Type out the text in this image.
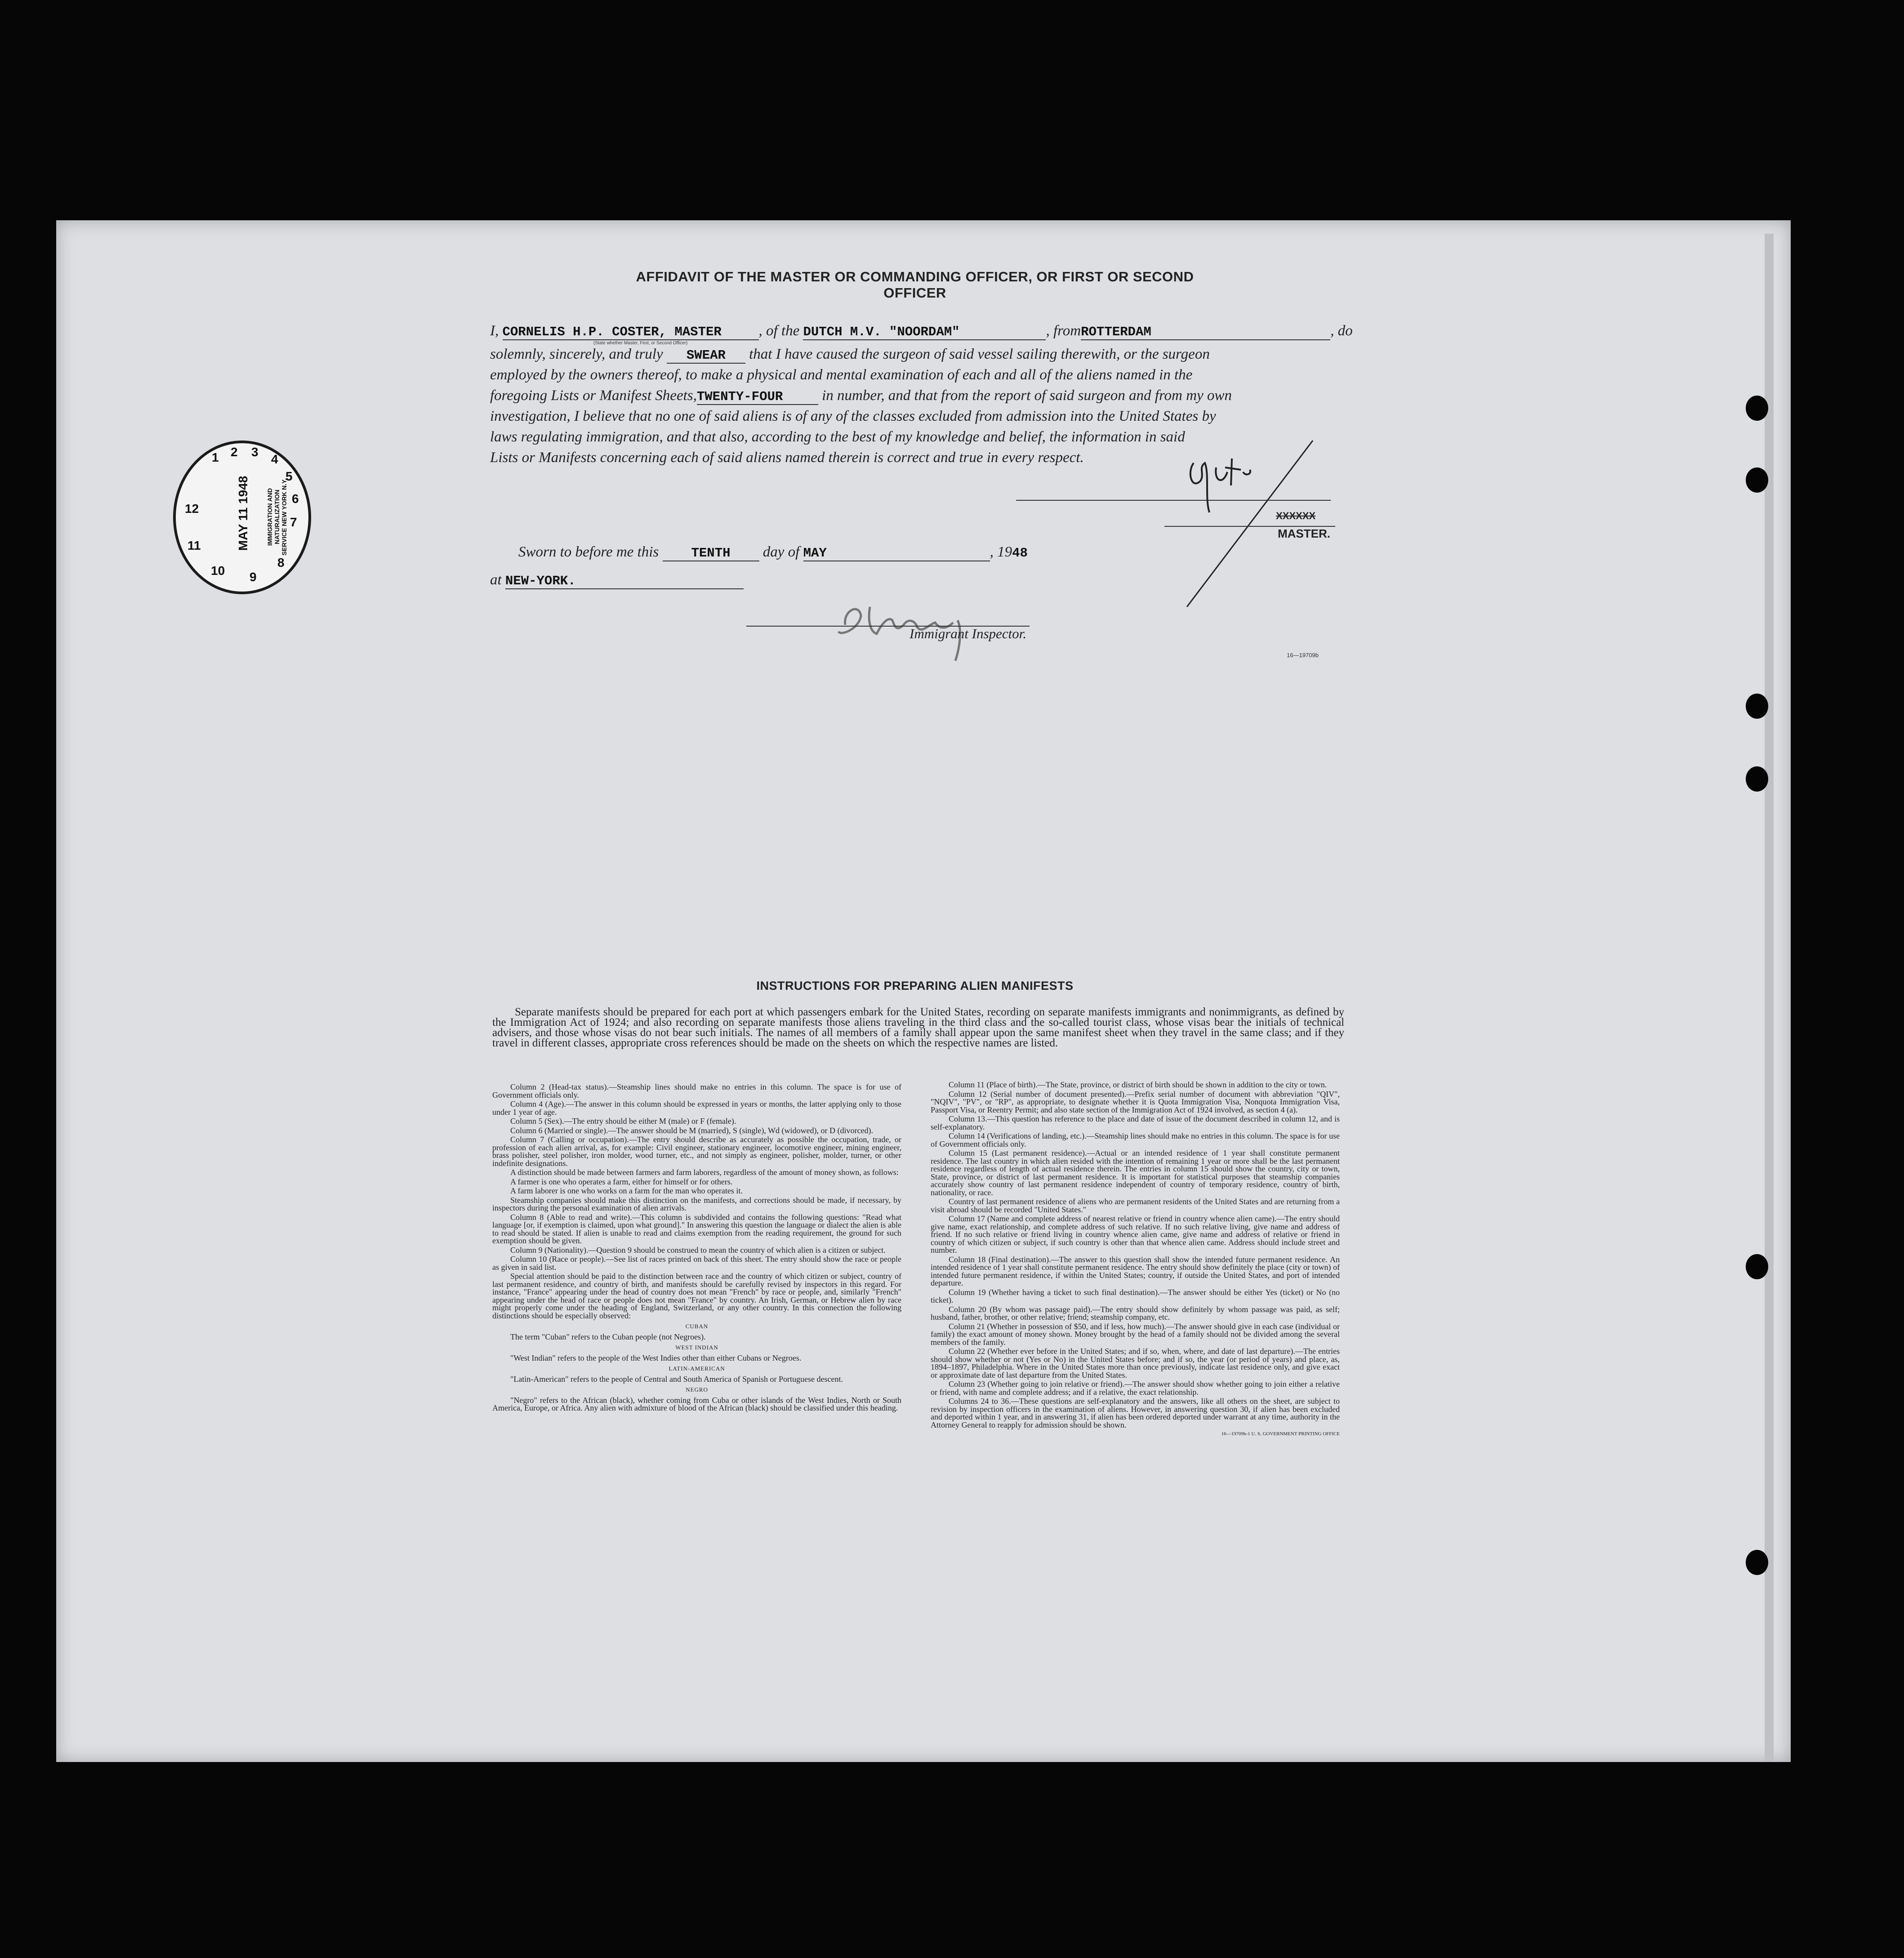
AFFIDAVIT OF THE MASTER OR COMMANDING OFFICER, OR FIRST OR SECOND OFFICER
I, CORNELIS H.P. COSTER, MASTER	, of the DUTCH M.V. "NOORDAM"	, fromROTTERDAM	, do
(State whether Master, First, or Second Officer)
solemnly, sincerely, and truly SWEAR that I have caused the surgeon of said vessel sailing therewith, or the surgeon
employed by the owners thereof, to make a physical and mental examination of each and all of the aliens named in the
foregoing Lists or Manifest Sheets,TWENTY-FOUR	in number, and that from the report of said surgeon and from my own
investigation, I believe that no one of said aliens is of any of the classes excluded from admission into the United States by
laws regulating immigration, and that also, according to the best of my knowledge and belief, the information in said
Lists or Manifests concerning each of said aliens named therein is correct and true in every respect.
XXXXXX
MASTER.
Sworn to before me this TENTH day of MAY	, 1948
at NEW-YORK.
Immigrant Inspector.
16—19709b
1 2 3
4
5
6
7
8
9
10
11
12	MAY 11 1948	IMMIGRATION AND NATURALIZATION SERVICE NEW YORK N.Y.
INSTRUCTIONS FOR PREPARING ALIEN MANIFESTS
Separate manifests should be prepared for each port at which passengers embark for the United States, recording on separate manifests immigrants and nonimmigrants, as defined by the Immigration Act of 1924; and also recording on separate manifests those aliens traveling in the third class and the so-called tourist class, whose visas bear the initials of technical advisers, and those whose visas do not bear such initials. The names of all members of a family shall appear upon the same manifest sheet when they travel in the same class; and if they travel in different classes, appropriate cross references should be made on the sheets on which the respective names are listed.

Column 2 (Head-tax status).—Steamship lines should make no entries in this column. The space is for use of Government officials only.

Column 4 (Age).—The answer in this column should be expressed in years or months, the latter applying only to those under 1 year of age.

Column 5 (Sex).—The entry should be either M (male) or F (female).

Column 6 (Married or single).—The answer should be M (married), S (single), Wd (widowed), or D (divorced).

Column 7 (Calling or occupation).—The entry should describe as accurately as possible the occupation, trade, or profession of each alien arrival, as, for example: Civil engineer, stationary engineer, locomotive engineer, mining engineer, brass polisher, steel polisher, iron molder, wood turner, etc., and not simply as engineer, polisher, molder, turner, or other indefinite designations.

A distinction should be made between farmers and farm laborers, regardless of the amount of money shown, as follows:

A farmer is one who operates a farm, either for himself or for others.

A farm laborer is one who works on a farm for the man who operates it.

Steamship companies should make this distinction on the manifests, and corrections should be made, if necessary, by inspectors during the personal examination of alien arrivals.

Column 8 (Able to read and write).—This column is subdivided and contains the following questions: "Read what language [or, if exemption is claimed, upon what ground]." In answering this question the language or dialect the alien is able to read should be stated. If alien is unable to read and claims exemption from the reading requirement, the ground for such exemption should be given.

Column 9 (Nationality).—Question 9 should be construed to mean the country of which alien is a citizen or subject.

Column 10 (Race or people).—See list of races printed on back of this sheet. The entry should show the race or people as given in said list.

Special attention should be paid to the distinction between race and the country of which citizen or subject, country of last permanent residence, and country of birth, and manifests should be carefully revised by inspectors in this regard. For instance, "France" appearing under the head of country does not mean "French" by race or people, and, similarly "French" appearing under the head of race or people does not mean "France" by country. An Irish, German, or Hebrew alien by race might properly come under the heading of England, Switzerland, or any other country. In this connection the following distinctions should be especially observed:

CUBAN

The term "Cuban" refers to the Cuban people (not Negroes).

WEST INDIAN

"West Indian" refers to the people of the West Indies other than either Cubans or Negroes.

LATIN-AMERICAN

"Latin-American" refers to the people of Central and South America of Spanish or Portuguese descent.

NEGRO

"Negro" refers to the African (black), whether coming from Cuba or other islands of the West Indies, North or South America, Europe, or Africa. Any alien with admixture of blood of the African (black) should be classified under this heading.

Column 11 (Place of birth).—The State, province, or district of birth should be shown in addition to the city or town.

Column 12 (Serial number of document presented).—Prefix serial number of document with abbreviation "QIV", "NQIV", "PV", or "RP", as appropriate, to designate whether it is Quota Immigration Visa, Nonquota Immigration Visa, Passport Visa, or Reentry Permit; and also state section of the Immigration Act of 1924 involved, as section 4 (a).

Column 13.—This question has reference to the place and date of issue of the document described in column 12, and is self-explanatory.

Column 14 (Verifications of landing, etc.).—Steamship lines should make no entries in this column. The space is for use of Government officials only.

Column 15 (Last permanent residence).—Actual or an intended residence of 1 year shall constitute permanent residence. The last country in which alien resided with the intention of remaining 1 year or more shall be the last permanent residence regardless of length of actual residence therein. The entries in column 15 should show the country, city or town, State, province, or district of last permanent residence. It is important for statistical purposes that steamship companies accurately show country of last permanent residence independent of country of temporary residence, country of birth, nationality, or race.

Country of last permanent residence of aliens who are permanent residents of the United States and are returning from a visit abroad should be recorded "United States."

Column 17 (Name and complete address of nearest relative or friend in country whence alien came).—The entry should give name, exact relationship, and complete address of such relative. If no such relative living, give name and address of friend. If no such relative or friend living in country whence alien came, give name and address of relative or friend in country of which citizen or subject, if such country is other than that whence alien came. Address should include street and number.

Column 18 (Final destination).—The answer to this question shall show the intended future permanent residence. An intended residence of 1 year shall constitute permanent residence. The entry should show definitely the place (city or town) of intended future permanent residence, if within the United States; country, if outside the United States, and port of intended departure.

Column 19 (Whether having a ticket to such final destination).—The answer should be either Yes (ticket) or No (no ticket).

Column 20 (By whom was passage paid).—The entry should show definitely by whom passage was paid, as self; husband, father, brother, or other relative; friend; steamship company, etc.

Column 21 (Whether in possession of $50, and if less, how much).—The answer should give in each case (individual or family) the exact amount of money shown. Money brought by the head of a family should not be divided among the several members of the family.

Column 22 (Whether ever before in the United States; and if so, when, where, and date of last departure).—The entries should show whether or not (Yes or No) in the United States before; and if so, the year (or period of years) and place, as, 1894–1897, Philadelphia. Where in the United States more than once previously, indicate last residence only, and give exact or approximate date of last departure from the United States.

Column 23 (Whether going to join relative or friend).—The answer should show whether going to join either a relative or friend, with name and complete address; and if a relative, the exact relationship.

Columns 24 to 36.—These questions are self-explanatory and the answers, like all others on the sheet, are subject to revision by inspection officers in the examination of aliens. However, in answering question 30, if alien has been excluded and deported within 1 year, and in answering 31, if alien has been ordered deported under warrant at any time, authority in the Attorney General to reapply for admission should be shown.

16—19709b-1 U. S. GOVERNMENT PRINTING OFFICE
